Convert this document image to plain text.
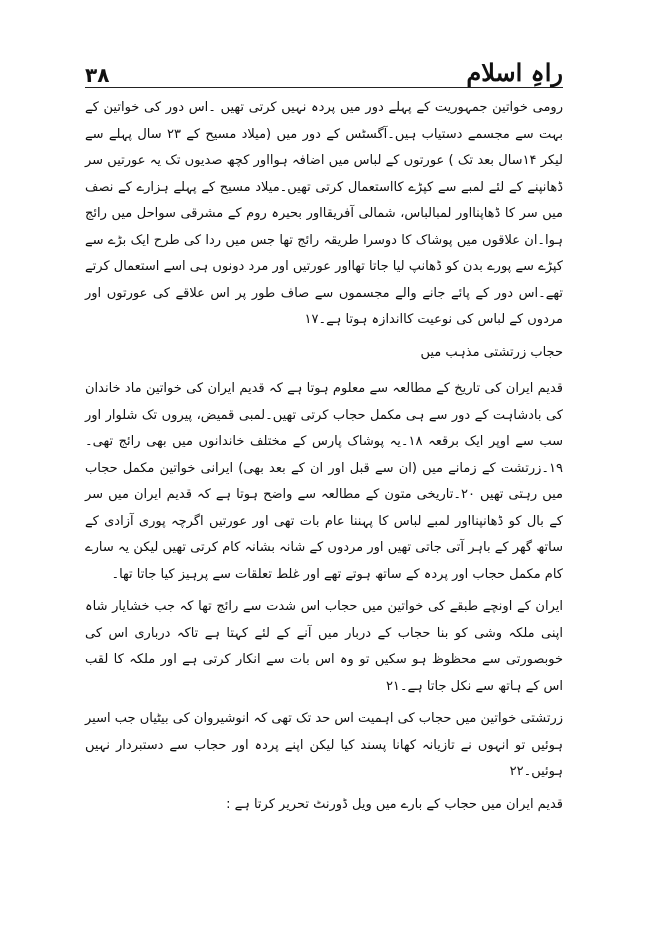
۳۸	راہِ اسلام

رومی خواتین جمہوریت کے پہلے دور میں پردہ نہیں کرتی تھیں ۔اس دور کی خواتین کے بہت سے مجسمے دستیاب ہیں۔آگسٹس کے دور میں (میلاد مسیح کے ۲۳ سال پہلے سے لیکر ۱۴سال بعد تک ) عورتوں کے لباس میں اضافہ ہوااور کچھ صدیوں تک یہ عورتیں سر ڈھانپنے کے لئے لمبے سے کپڑے کااستعمال کرتی تھیں۔میلاد مسیح کے پہلے ہزارے کے نصف میں سر کا ڈھاپنااور لمبالباس، شمالی آفریقااور بحیرہ روم کے مشرقی سواحل میں رائج ہوا۔ان علاقوں میں پوشاک کا دوسرا طریقہ رائج تھا جس میں ردا کی طرح ایک بڑے سے کپڑے سے پورے بدن کو ڈھانپ لیا جاتا تھااور عورتیں اور مرد دونوں ہی اسے استعمال کرتے تھے۔اس دور کے پائے جانے والے مجسموں سے صاف طور پر اس علاقے کی عورتوں اور مردوں کے لباس کی نوعیت کااندازہ ہوتا ہے۔۱۷

حجاب زرتشتی مذہب میں

قدیم ایران کی تاریخ کے مطالعہ سے معلوم ہوتا ہے کہ قدیم ایران کی خواتین ماد خاندان کی بادشاہت کے دور سے ہی مکمل حجاب کرتی تھیں۔لمبی قمیض، پیروں تک شلوار اور سب سے اوپر ایک برقعہ ۱۸۔یہ پوشاک پارس کے مختلف خاندانوں میں بھی رائج تھی۔۱۹۔زرتشت کے زمانے میں (ان سے قبل اور ان کے بعد بھی) ایرانی خواتین مکمل حجاب میں رہتی تھیں ۲۰۔تاریخی متون کے مطالعہ سے واضح ہوتا ہے کہ قدیم ایران میں سر کے بال کو ڈھانپنااور لمبے لباس کا پہننا عام بات تھی اور عورتیں اگرچہ پوری آزادی کے ساتھ گھر کے باہر آتی جاتی تھیں اور مردوں کے شانہ بشانہ کام کرتی تھیں لیکن یہ سارے کام مکمل حجاب اور پردہ کے ساتھ ہوتے تھے اور غلط تعلقات سے پرہیز کیا جاتا تھا۔

ایران کے اونچے طبقے کی خواتین میں حجاب اس شدت سے رائج تھا کہ جب خشایار شاہ اپنی ملکہ وشی کو بنا حجاب کے دربار میں آنے کے لئے کہتا ہے تاکہ درباری اس کی خوبصورتی سے محظوظ ہو سکیں تو وہ اس بات سے انکار کرتی ہے اور ملکہ کا لقب اس کے ہاتھ سے نکل جاتا ہے۔۲۱

زرتشتی خواتین میں حجاب کی اہمیت اس حد تک تھی کہ انوشیروان کی بیٹیاں جب اسیر ہوئیں تو انہوں نے تازیانہ کھانا پسند کیا لیکن اپنے پردہ اور حجاب سے دستبردار نہیں ہوئیں۔۲۲

قدیم ایران میں حجاب کے بارے میں ویل ڈورنٹ تحریر کرتا ہے :
